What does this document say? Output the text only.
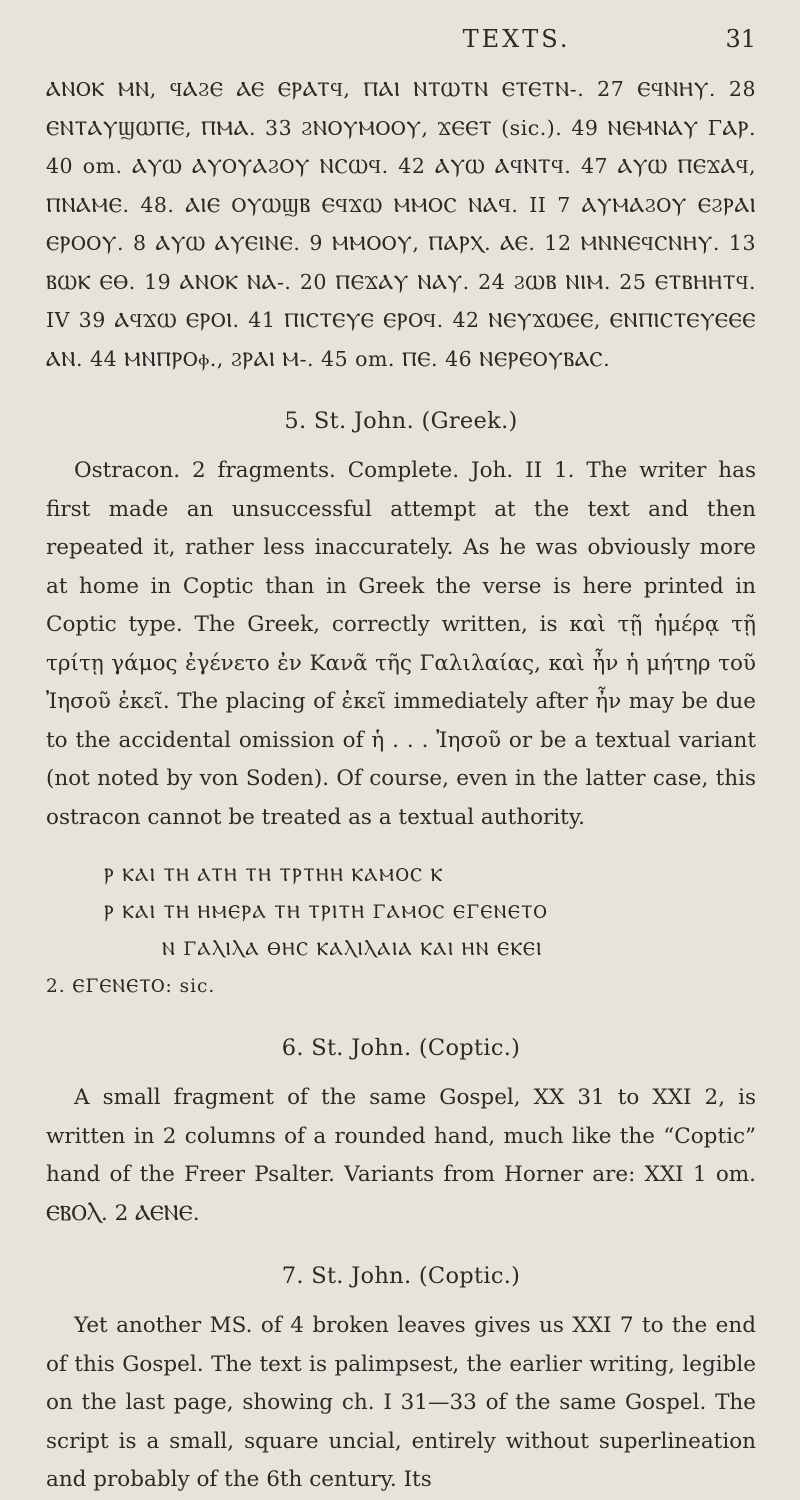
TEXTS.	31

ⲀⲚⲞⲔ ⲘⲚ, ϤⲀϨⲈ ⲀⲈ ⲈⲢⲀⲦϤ, ⲠⲀⲒ ⲚⲦⲰⲦⲚ ⲈⲦⲈⲦⲚ-. 27 ⲈϤⲚⲎⲨ. 28 ⲈⲚⲦⲀⲨϢⲰⲠⲈ, ⲠⲘⲀ. 33 ϨⲚⲞⲨⲘⲞⲞⲨ, ϪⲈⲈⲦ (sic.). 49 ⲚⲈⲘⲚⲀⲨ ΓⲀⲢ. 40 om. ⲀⲨⲰ ⲀⲨⲞⲨⲀϨⲞⲨ ⲚⲤⲰϤ. 42 ⲀⲨⲰ ⲀϤⲚⲦϤ. 47 ⲀⲨⲰ ⲠⲈϪⲀϤ, ⲠⲚⲀⲘⲈ. 48. ⲀⲒⲈ ⲞⲨⲰϢⲂ ⲈϤϪⲰ ⲘⲘⲞⲤ ⲚⲀϤ. II 7 ⲀⲨⲘⲀϨⲞⲨ ⲈϨⲢⲀⲒ ⲈⲢⲞⲞⲨ. 8 ⲀⲨⲰ ⲀⲨⲈⲒⲚⲈ. 9 ⲘⲘⲞⲞⲨ, ⲠⲀⲢⲬ. ⲀⲈ. 12 ⲘⲚⲚⲈϤⲤⲚⲎⲨ. 13 ⲂⲰⲔ ⲈⲐ. 19 ⲀⲚⲞⲔ ⲚⲀ-. 20 ⲠⲈϪⲀⲨ ⲚⲀⲨ. 24 ϨⲰⲂ ⲚⲒⲘ. 25 ⲈⲦⲂⲎⲎⲦϤ. IV 39 ⲀϤϪⲰ ⲈⲢⲞⲒ. 41 ⲠⲒⲤⲦⲈⲨⲈ ⲈⲢⲞϤ. 42 ⲚⲈⲨϪⲰⲈⲈ, ⲈⲚⲠⲒⲤⲦⲈⲨⲈⲈⲈ ⲀⲚ. 44 ⲘⲚⲠⲢⲞⲫ., ϨⲢⲀⲒ Ⲙ-. 45 om. ⲠⲈ. 46 ⲚⲈⲢⲈⲞⲨⲂⲀⲤ.

5. St. John. (Greek.)

Ostracon. 2 fragments. Complete. Joh. II 1. The writer has first made an unsuccessful attempt at the text and then repeated it, rather less inaccurately. As he was obviously more at home in Coptic than in Greek the verse is here printed in Coptic type. The Greek, correctly written, is καὶ τῇ ἡμέρᾳ τῇ τρίτῃ γάμος ἐγένετο ἐν Κανᾶ τῆς Γαλιλαίας, καὶ ἦν ἡ μήτηρ τοῦ Ἰησοῦ ἐκεῖ. The placing of ἐκεῖ immediately after ἦν may be due to the accidental omission of ἡ . . . Ἰησοῦ or be a textual variant (not noted by von Soden). Of course, even in the latter case, this ostracon cannot be treated as a textual authority.

Ⲣ ⲔⲀⲒ ⲦⲎ ⲀⲦⲎ ⲦⲎ ⲦⲢⲦⲎⲎ ⲔⲀⲘⲞⲤ Ⲕ
Ⲣ ⲔⲀⲒ ⲦⲎ ⲎⲘⲈⲢⲀ ⲦⲎ ⲦⲢⲒⲦⲎ ΓⲀⲘⲞⲤ ⲈΓⲈⲚⲈⲦⲞ
Ⲛ ΓⲀⲖⲒⲖⲀ ⲐⲎⲤ ⲔⲀⲖⲒⲖⲀⲒⲀ ⲔⲀⲒ ⲎⲚ ⲈⲔⲈⲒ
2. ⲈΓⲈⲚⲈⲦⲞ: sic.
6. St. John. (Coptic.)

A small fragment of the same Gospel, XX 31 to XXI 2, is written in 2 columns of a rounded hand, much like the “Coptic” hand of the Freer Psalter. Variants from Horner are: XXI 1 om. ⲈⲂⲞⲖ. 2 ⲀⲈⲚⲈ.

7. St. John. (Coptic.)

Yet another MS. of 4 broken leaves gives us XXI 7 to the end of this Gospel. The text is palimpsest, the earlier writing, legible on the last page, showing ch. I 31—33 of the same Gospel. The script is a small, square uncial, entirely without superlineation and probably of the 6th century. Its
